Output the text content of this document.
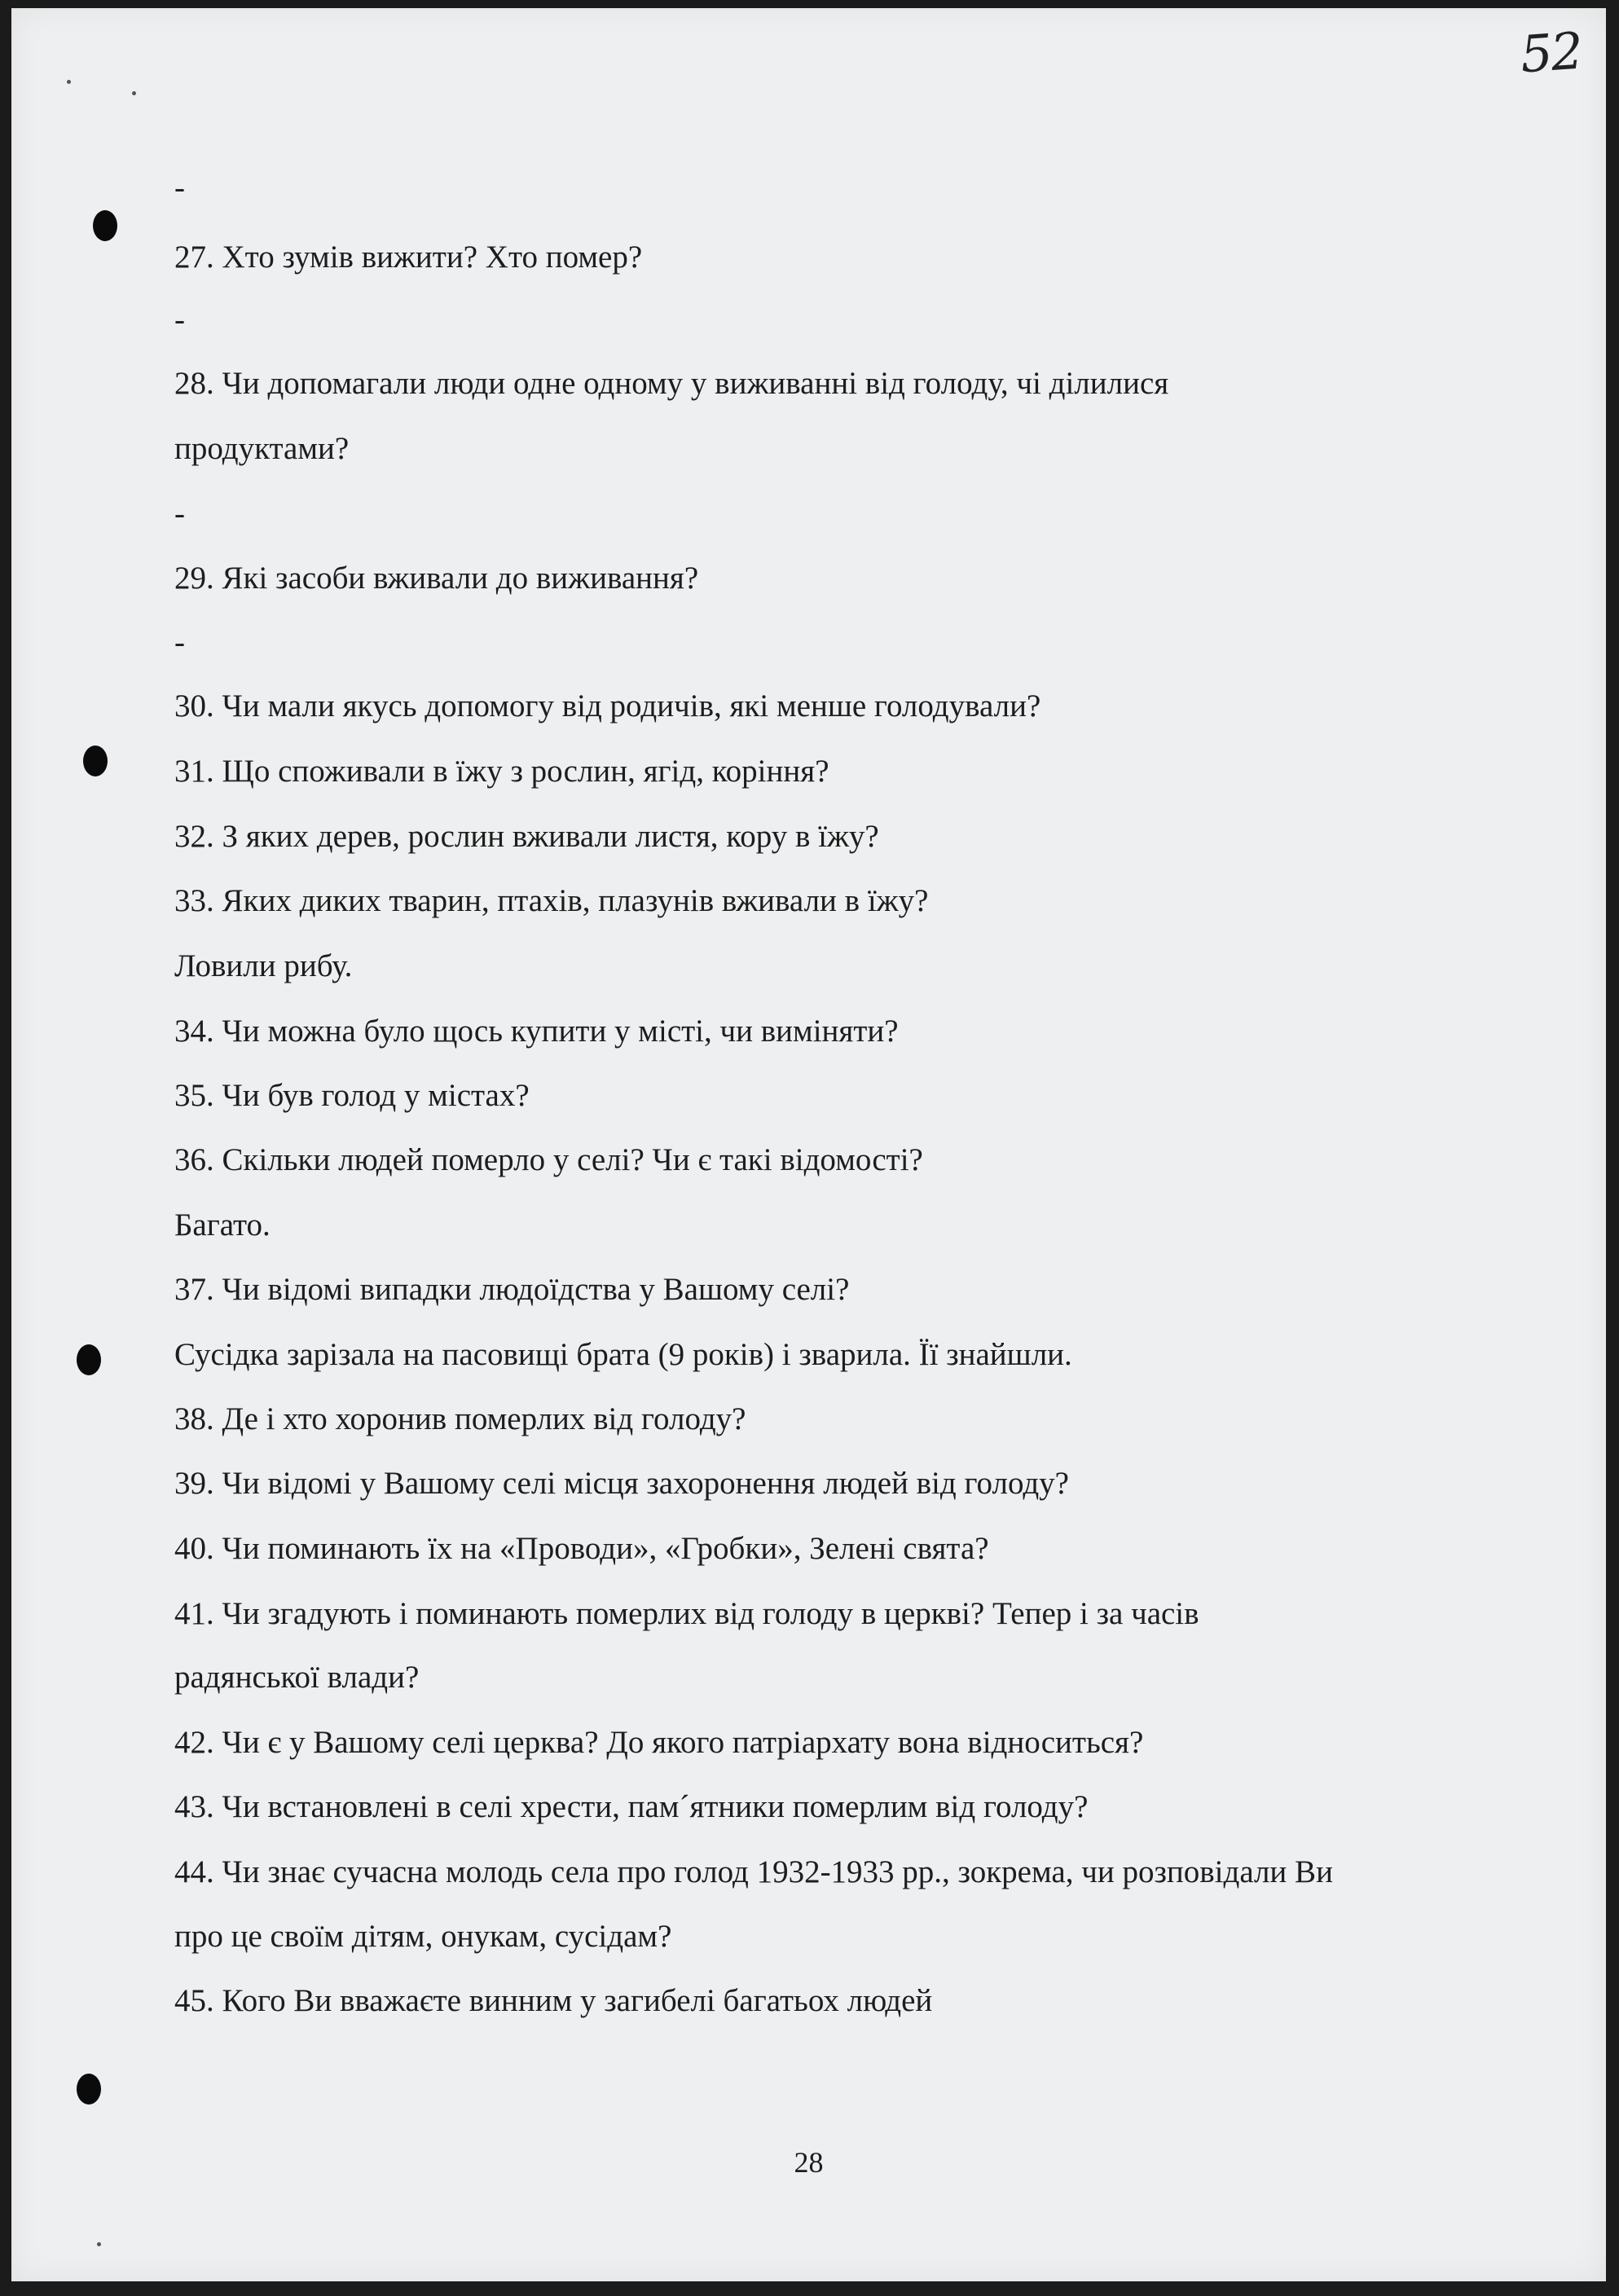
52
-
27. Хто зумів вижити? Хто помер?
-
28. Чи допомагали люди одне одному у виживанні від голоду, чі ділилися
продуктами?
-
29. Які засоби вживали до виживання?
-
30. Чи мали якусь допомогу від родичів, які менше голодували?
31. Що споживали в їжу з рослин, ягід, коріння?
32. З яких дерев, рослин вживали листя, кору в їжу?
33. Яких диких тварин, птахів, плазунів вживали в їжу?
Ловили рибу.
34. Чи можна було щось купити у місті, чи виміняти?
35. Чи був голод у містах?
36. Скільки людей померло у селі? Чи є такі відомості?
Багато.
37. Чи відомі випадки людоїдства у Вашому селі?
Сусідка зарізала на пасовищі брата (9 років) і зварила. Її знайшли.
38. Де і хто хоронив померлих від голоду?
39. Чи відомі у Вашому селі місця захоронення людей від голоду?
40. Чи поминають їх на «Проводи», «Гробки», Зелені свята?
41. Чи згадують і поминають померлих від голоду в церкві? Тепер і за часів
радянської влади?
42. Чи є у Вашому селі церква? До якого патріархату вона відноситься?
43. Чи встановлені в селі хрести, пам´ятники померлим від голоду?
44. Чи знає сучасна молодь села про голод 1932-1933 рр., зокрема, чи розповідали Ви
про це своїм дітям, онукам, сусідам?
45. Кого Ви вважаєте винним у загибелі багатьох людей
28
